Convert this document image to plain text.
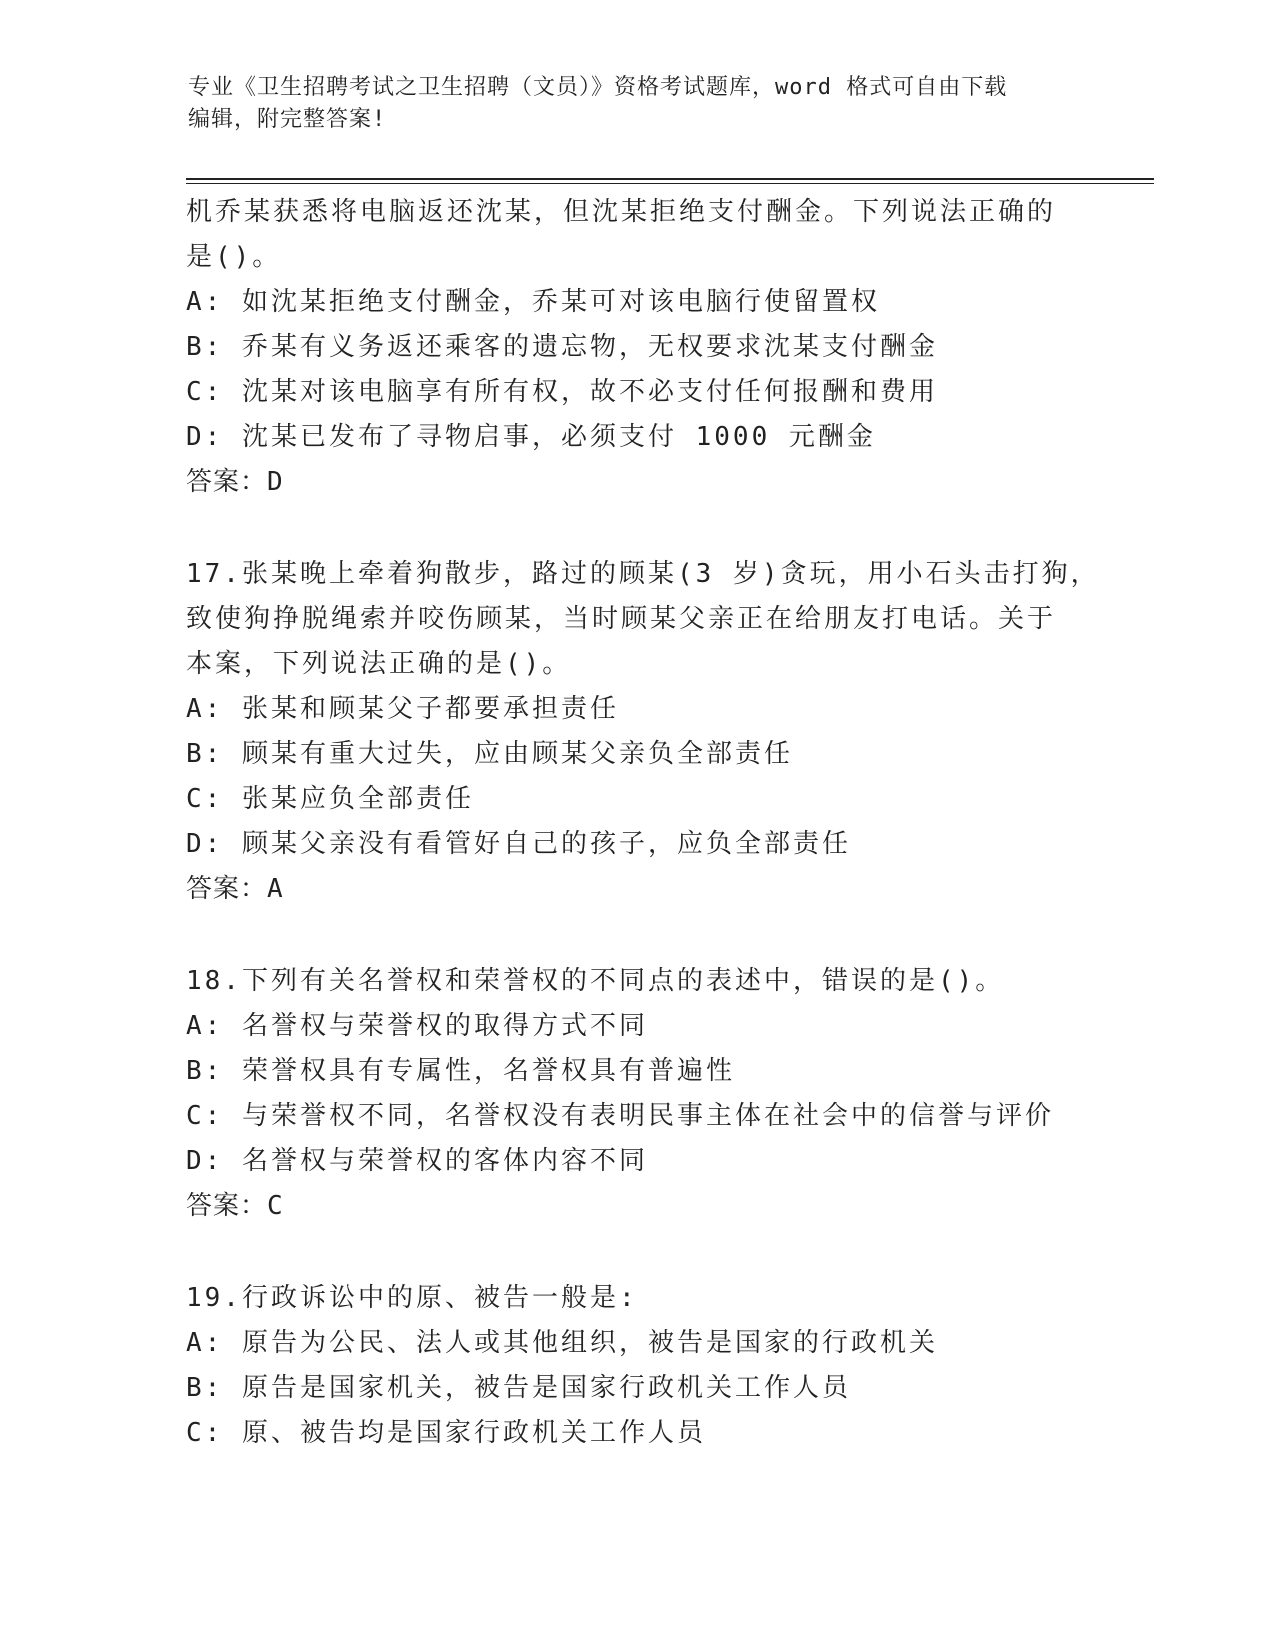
专业《卫生招聘考试之卫生招聘（文员）》资格考试题库，word 格式可自由下载
编辑，附完整答案!
机乔某获悉将电脑返还沈某，但沈某拒绝支付酬金。下列说法正确的
是()。
A: 如沈某拒绝支付酬金，乔某可对该电脑行使留置权
B: 乔某有义务返还乘客的遗忘物，无权要求沈某支付酬金
C: 沈某对该电脑享有所有权，故不必支付任何报酬和费用
D: 沈某已发布了寻物启事，必须支付 1000 元酬金
答案：D
17.张某晚上牵着狗散步，路过的顾某(3 岁)贪玩，用小石头击打狗，
致使狗挣脱绳索并咬伤顾某，当时顾某父亲正在给朋友打电话。关于
本案，下列说法正确的是()。
A: 张某和顾某父子都要承担责任
B: 顾某有重大过失，应由顾某父亲负全部责任
C: 张某应负全部责任
D: 顾某父亲没有看管好自己的孩子，应负全部责任
答案：A
18.下列有关名誉权和荣誉权的不同点的表述中，错误的是()。
A: 名誉权与荣誉权的取得方式不同
B: 荣誉权具有专属性，名誉权具有普遍性
C: 与荣誉权不同，名誉权没有表明民事主体在社会中的信誉与评价
D: 名誉权与荣誉权的客体内容不同
答案：C
19.行政诉讼中的原、被告一般是:
A: 原告为公民、法人或其他组织，被告是国家的行政机关
B: 原告是国家机关，被告是国家行政机关工作人员
C: 原、被告均是国家行政机关工作人员
